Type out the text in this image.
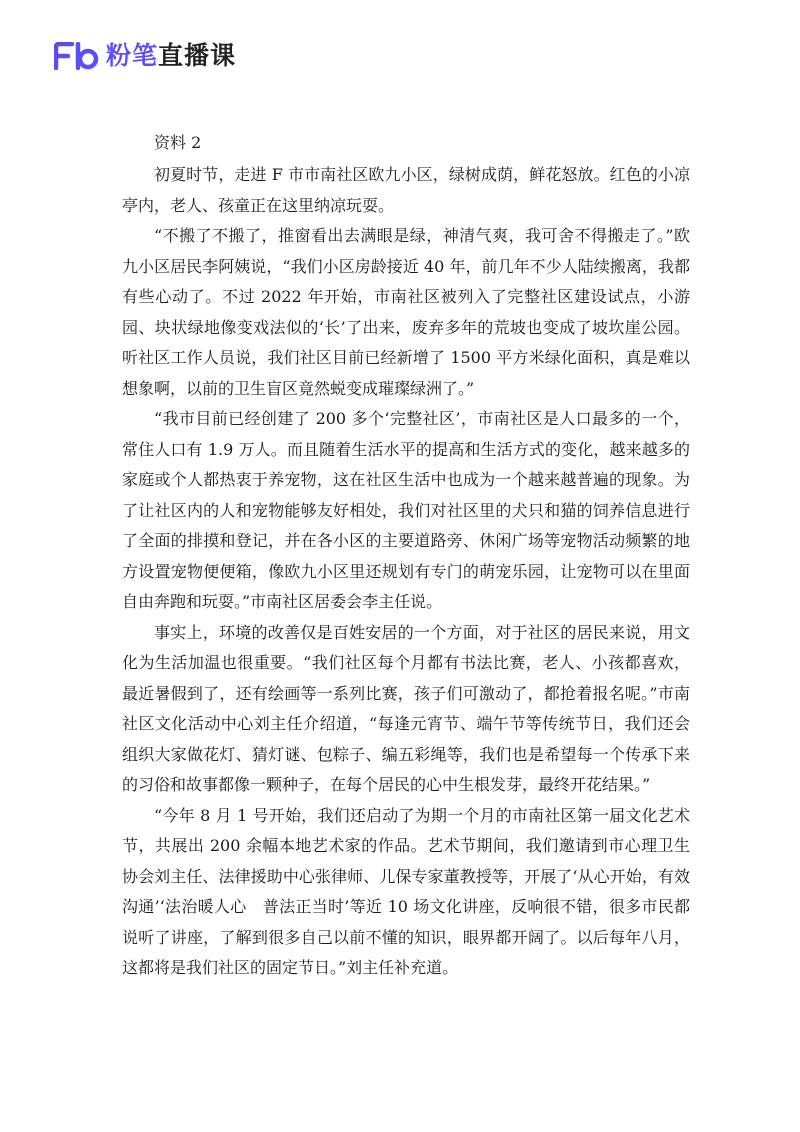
粉笔直播课

资料 2

初夏时节，走进 F 市市南社区欧九小区，绿树成荫，鲜花怒放。红色的小凉亭内，老人、孩童正在这里纳凉玩耍。

“不搬了不搬了，推窗看出去满眼是绿，神清气爽，我可舍不得搬走了。”欧九小区居民李阿姨说，“我们小区房龄接近 40 年，前几年不少人陆续搬离，我都有些心动了。不过 2022 年开始，市南社区被列入了完整社区建设试点，小游园、块状绿地像变戏法似的‘长’了出来，废弃多年的荒坡也变成了坡坎崖公园。听社区工作人员说，我们社区目前已经新增了 1500 平方米绿化面积，真是难以想象啊，以前的卫生盲区竟然蜕变成璀璨绿洲了。”

“我市目前已经创建了 200 多个‘完整社区’，市南社区是人口最多的一个，常住人口有 1.9 万人。而且随着生活水平的提高和生活方式的变化，越来越多的家庭或个人都热衷于养宠物，这在社区生活中也成为一个越来越普遍的现象。为了让社区内的人和宠物能够友好相处，我们对社区里的犬只和猫的饲养信息进行了全面的排摸和登记，并在各小区的主要道路旁、休闲广场等宠物活动频繁的地方设置宠物便便箱，像欧九小区里还规划有专门的萌宠乐园，让宠物可以在里面自由奔跑和玩耍。”市南社区居委会李主任说。

事实上，环境的改善仅是百姓安居的一个方面，对于社区的居民来说，用文化为生活加温也很重要。“我们社区每个月都有书法比赛，老人、小孩都喜欢，最近暑假到了，还有绘画等一系列比赛，孩子们可激动了，都抢着报名呢。”市南社区文化活动中心刘主任介绍道，“每逢元宵节、端午节等传统节日，我们还会组织大家做花灯、猜灯谜、包粽子、编五彩绳等，我们也是希望每一个传承下来的习俗和故事都像一颗种子，在每个居民的心中生根发芽，最终开花结果。”

“今年 8 月 1 号开始，我们还启动了为期一个月的市南社区第一届文化艺术节，共展出 200 余幅本地艺术家的作品。艺术节期间，我们邀请到市心理卫生协会刘主任、法律援助中心张律师、儿保专家董教授等，开展了‘从心开始，有效沟通’‘法治暖人心　普法正当时’等近 10 场文化讲座，反响很不错，很多市民都说听了讲座，了解到很多自己以前不懂的知识，眼界都开阔了。以后每年八月，这都将是我们社区的固定节日。”刘主任补充道。
